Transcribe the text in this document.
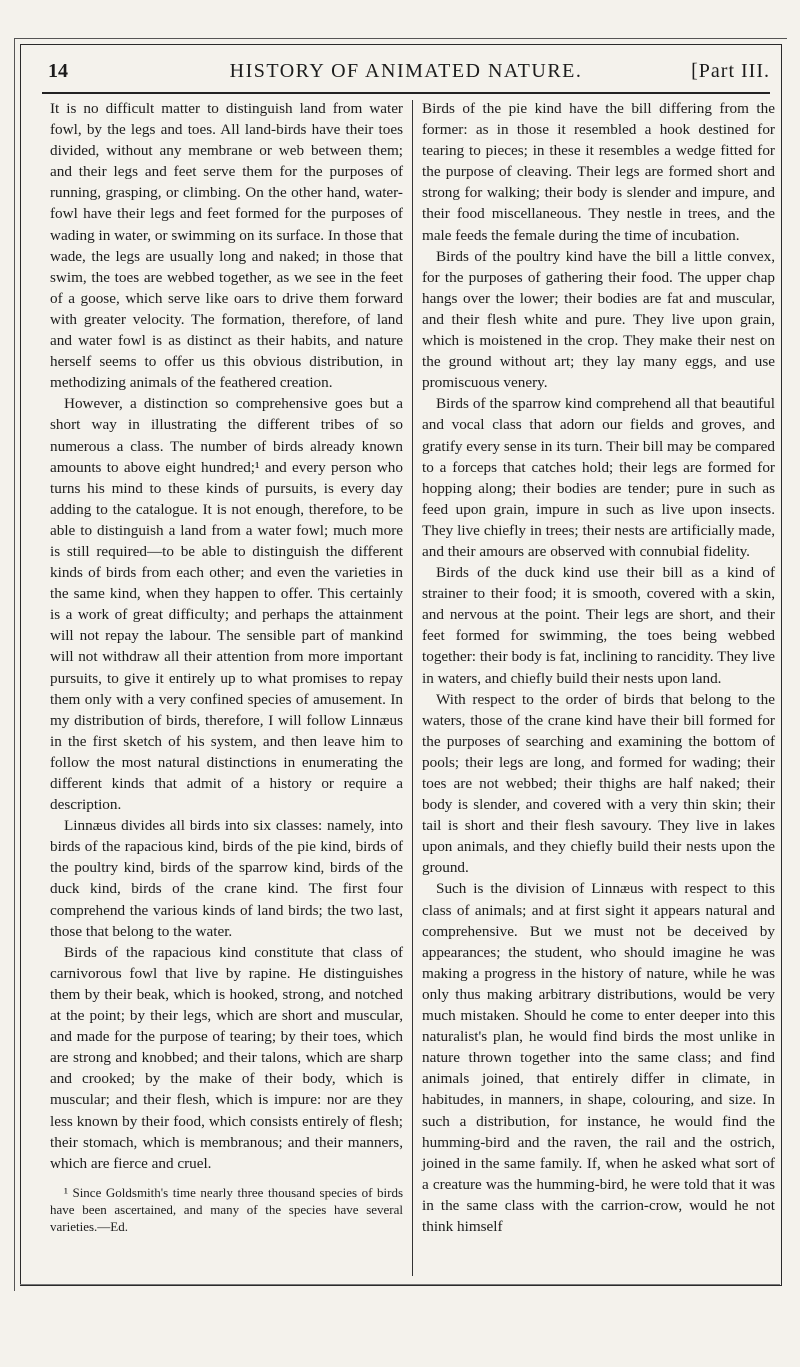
14	HISTORY OF ANIMATED NATURE.	[Part III.

It is no difficult matter to distinguish land from water fowl, by the legs and toes. All land-birds have their toes divided, without any membrane or web between them; and their legs and feet serve them for the purposes of running, grasping, or climbing. On the other hand, water-fowl have their legs and feet formed for the purposes of wading in water, or swimming on its surface. In those that wade, the legs are usually long and naked; in those that swim, the toes are webbed together, as we see in the feet of a goose, which serve like oars to drive them forward with greater velocity. The formation, therefore, of land and water fowl is as distinct as their habits, and nature herself seems to offer us this obvious distribution, in methodizing animals of the feathered creation.

However, a distinction so comprehensive goes but a short way in illustrating the different tribes of so numerous a class. The number of birds already known amounts to above eight hundred;¹ and every person who turns his mind to these kinds of pursuits, is every day adding to the catalogue. It is not enough, therefore, to be able to distinguish a land from a water fowl; much more is still required—to be able to distinguish the different kinds of birds from each other; and even the varieties in the same kind, when they happen to offer. This certainly is a work of great difficulty; and perhaps the attainment will not repay the labour. The sensible part of mankind will not withdraw all their attention from more important pursuits, to give it entirely up to what promises to repay them only with a very confined species of amusement. In my distribution of birds, therefore, I will follow Linnæus in the first sketch of his system, and then leave him to follow the most natural distinctions in enumerating the different kinds that admit of a history or require a description.

Linnæus divides all birds into six classes: namely, into birds of the rapacious kind, birds of the pie kind, birds of the poultry kind, birds of the sparrow kind, birds of the duck kind, birds of the crane kind. The first four comprehend the various kinds of land birds; the two last, those that belong to the water.

Birds of the rapacious kind constitute that class of carnivorous fowl that live by rapine. He distinguishes them by their beak, which is hooked, strong, and notched at the point; by their legs, which are short and muscular, and made for the purpose of tearing; by their toes, which are strong and knobbed; and their talons, which are sharp and crooked; by the make of their body, which is muscular; and their flesh, which is impure: nor are they less known by their food, which consists entirely of flesh; their stomach, which is membranous; and their manners, which are fierce and cruel.

¹ Since Goldsmith's time nearly three thousand species of birds have been ascertained, and many of the species have several varieties.—Ed.

Birds of the pie kind have the bill differing from the former: as in those it resembled a hook destined for tearing to pieces; in these it resembles a wedge fitted for the purpose of cleaving. Their legs are formed short and strong for walking; their body is slender and impure, and their food miscellaneous. They nestle in trees, and the male feeds the female during the time of incubation.

Birds of the poultry kind have the bill a little convex, for the purposes of gathering their food. The upper chap hangs over the lower; their bodies are fat and muscular, and their flesh white and pure. They live upon grain, which is moistened in the crop. They make their nest on the ground without art; they lay many eggs, and use promiscuous venery.

Birds of the sparrow kind comprehend all that beautiful and vocal class that adorn our fields and groves, and gratify every sense in its turn. Their bill may be compared to a forceps that catches hold; their legs are formed for hopping along; their bodies are tender; pure in such as feed upon grain, impure in such as live upon insects. They live chiefly in trees; their nests are artificially made, and their amours are observed with connubial fidelity.

Birds of the duck kind use their bill as a kind of strainer to their food; it is smooth, covered with a skin, and nervous at the point. Their legs are short, and their feet formed for swimming, the toes being webbed together: their body is fat, inclining to rancidity. They live in waters, and chiefly build their nests upon land.

With respect to the order of birds that belong to the waters, those of the crane kind have their bill formed for the purposes of searching and examining the bottom of pools; their legs are long, and formed for wading; their toes are not webbed; their thighs are half naked; their body is slender, and covered with a very thin skin; their tail is short and their flesh savoury. They live in lakes upon animals, and they chiefly build their nests upon the ground.

Such is the division of Linnæus with respect to this class of animals; and at first sight it appears natural and comprehensive. But we must not be deceived by appearances; the student, who should imagine he was making a progress in the history of nature, while he was only thus making arbitrary distributions, would be very much mistaken. Should he come to enter deeper into this naturalist's plan, he would find birds the most unlike in nature thrown together into the same class; and find animals joined, that entirely differ in climate, in habitudes, in manners, in shape, colouring, and size. In such a distribution, for instance, he would find the humming-bird and the raven, the rail and the ostrich, joined in the same family. If, when he asked what sort of a creature was the humming-bird, he were told that it was in the same class with the carrion-crow, would he not think himself
